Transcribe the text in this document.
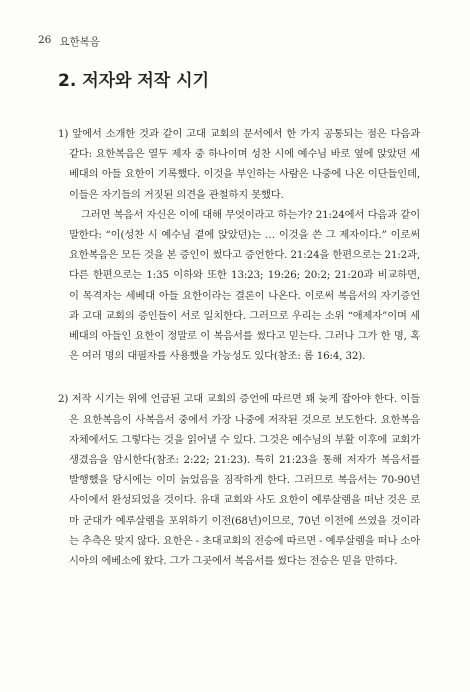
26 요한복음
2. 저자와 저작 시기

1) 앞에서 소개한 것과 같이 고대 교회의 문서에서 한 가지 공통되는 점은 다음과 같다: 요한복음은 열두 제자 중 하나이며 성찬 시에 예수님 바로 옆에 앉았던 세베대의 아들 요한이 기록했다. 이것을 부인하는 사람은 나중에 나온 이단들인데, 이들은 자기들의 거짓된 의견을 관철하지 못했다.

그러면 복음서 자신은 이에 대해 무엇이라고 하는가? 21:24에서 다음과 같이 말한다: “이(성찬 시 예수님 곁에 앉았던)는 … 이것을 쓴 그 제자이다.” 이로써 요한복음은 모든 것을 본 증인이 썼다고 증언한다. 21:24을 한편으로는 21:2과, 다른 한편으로는 1:35 이하와 또한 13:23; 19:26; 20:2; 21:20과 비교하면, 이 목격자는 세베대 아들 요한이라는 결론이 나온다. 이로써 복음서의 자기증언과 고대 교회의 증인들이 서로 일치한다. 그러므로 우리는 소위 “애제자”이며 세베대의 아들인 요한이 정말로 이 복음서를 썼다고 믿는다. 그러나 그가 한 명, 혹은 여러 명의 대필자를 사용했을 가능성도 있다(참조: 롬 16:4, 32).

2) 저작 시기는 위에 언급된 고대 교회의 증언에 따르면 꽤 늦게 잡아야 한다. 이들은 요한복음이 사복음서 중에서 가장 나중에 저작된 것으로 보도한다. 요한복음 자체에서도 그렇다는 것을 읽어낼 수 있다. 그것은 예수님의 부활 이후에 교회가 생겼음을 암시한다(참조: 2:22; 21:23). 특히 21:23을 통해 저자가 복음서를 발행했을 당시에는 이미 늙었음을 짐작하게 한다. 그러므로 복음서는 70-90년 사이에서 완성되었을 것이다. 유대 교회와 사도 요한이 예루살렘을 떠난 것은 로마 군대가 예루살렘을 포위하기 이전(68년)이므로, 70년 이전에 쓰였을 것이라는 추측은 맞지 않다. 요한은 - 초대교회의 전승에 따르면 - 예루살렘을 떠나 소아시아의 에베소에 왔다. 그가 그곳에서 복음서를 썼다는 전승은 믿을 만하다.
